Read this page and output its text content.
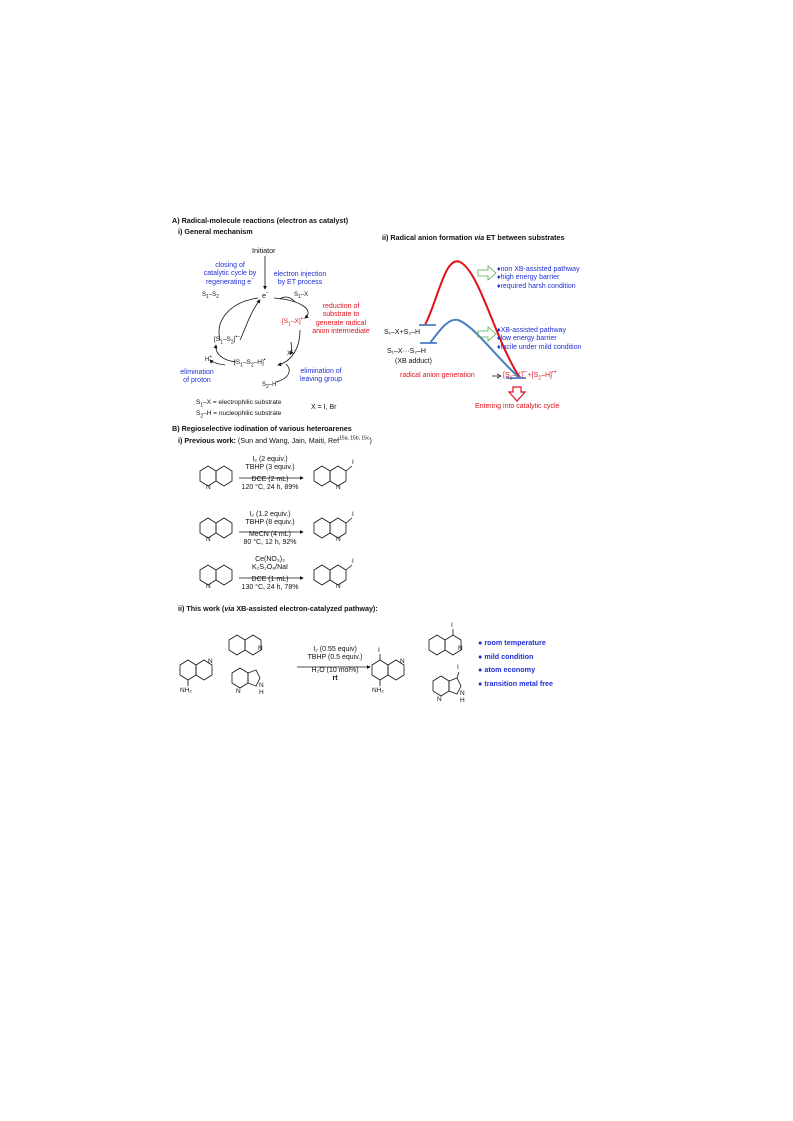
A) Radical-molecule reactions (electron as catalyst)
i) General mechanism
ii) Radical anion formation via ET between substrates
Initiator
closing of
catalytic cycle by
regenerating e−
electron injection
by ET process
reduction of
substrate to
generate radical
anion intermediate
elimination
of proton
elimination of
leaving group
e−
$S_1-S_2$	$S_1-X$
$[S_1-X]^{•-}$
$[S_1-S_2]^{•-}$
$[S_1-S_2-H]^•$
H+	X−
$S_2-H$
$S_1-X$ = electrophilic substrate
$S_2-H$ = nucleophilic substrate
X = I, Br
♦non XB-assisted pathway
♦high energy barrier
♦required harsh condition
♦XB-assisted pathway
♦low energy barrier
♦facile under mild condition
S₁–X+S₂–H
S₁–X···S₂–H
(XB adduct)
radical anion generation	$[S_1-X]^{•-}+[S_2-H]^{•+}$
Entering into catalytic cycle
B) Regioselective iodination of various heteroarenes
i) Previous work: (Sun and Wang, Jain, Maiti, Ref$^{15a, 15b, 15c}$)
I₂ (2 equiv.)
TBHP (3 equiv.)
DCE (2 mL)
120 °C, 24 h, 89%
I₂ (1.2 equiv.)
TBHP (8 equiv.)
MeCN (4 mL)
80 °C, 12 h, 92%
Ce(NO₃)₃
K₂S₂O₈/NaI
DCE (1 mL)
130 °C, 24 h, 78%
ii) This work (via XB-assisted electron-catalyzed pathway):
I₂ (0.55 equiv)
TBHP (0.5 equiv.)
H₂O (10 mol%)
rt
● room temperature
● mild condition
● atom economy
● transition metal free
N	N
I
N	N
I
N	N
I
N
NH₂
N
N
N
H
I
N
NH₂
I
N
I
N
N
H
